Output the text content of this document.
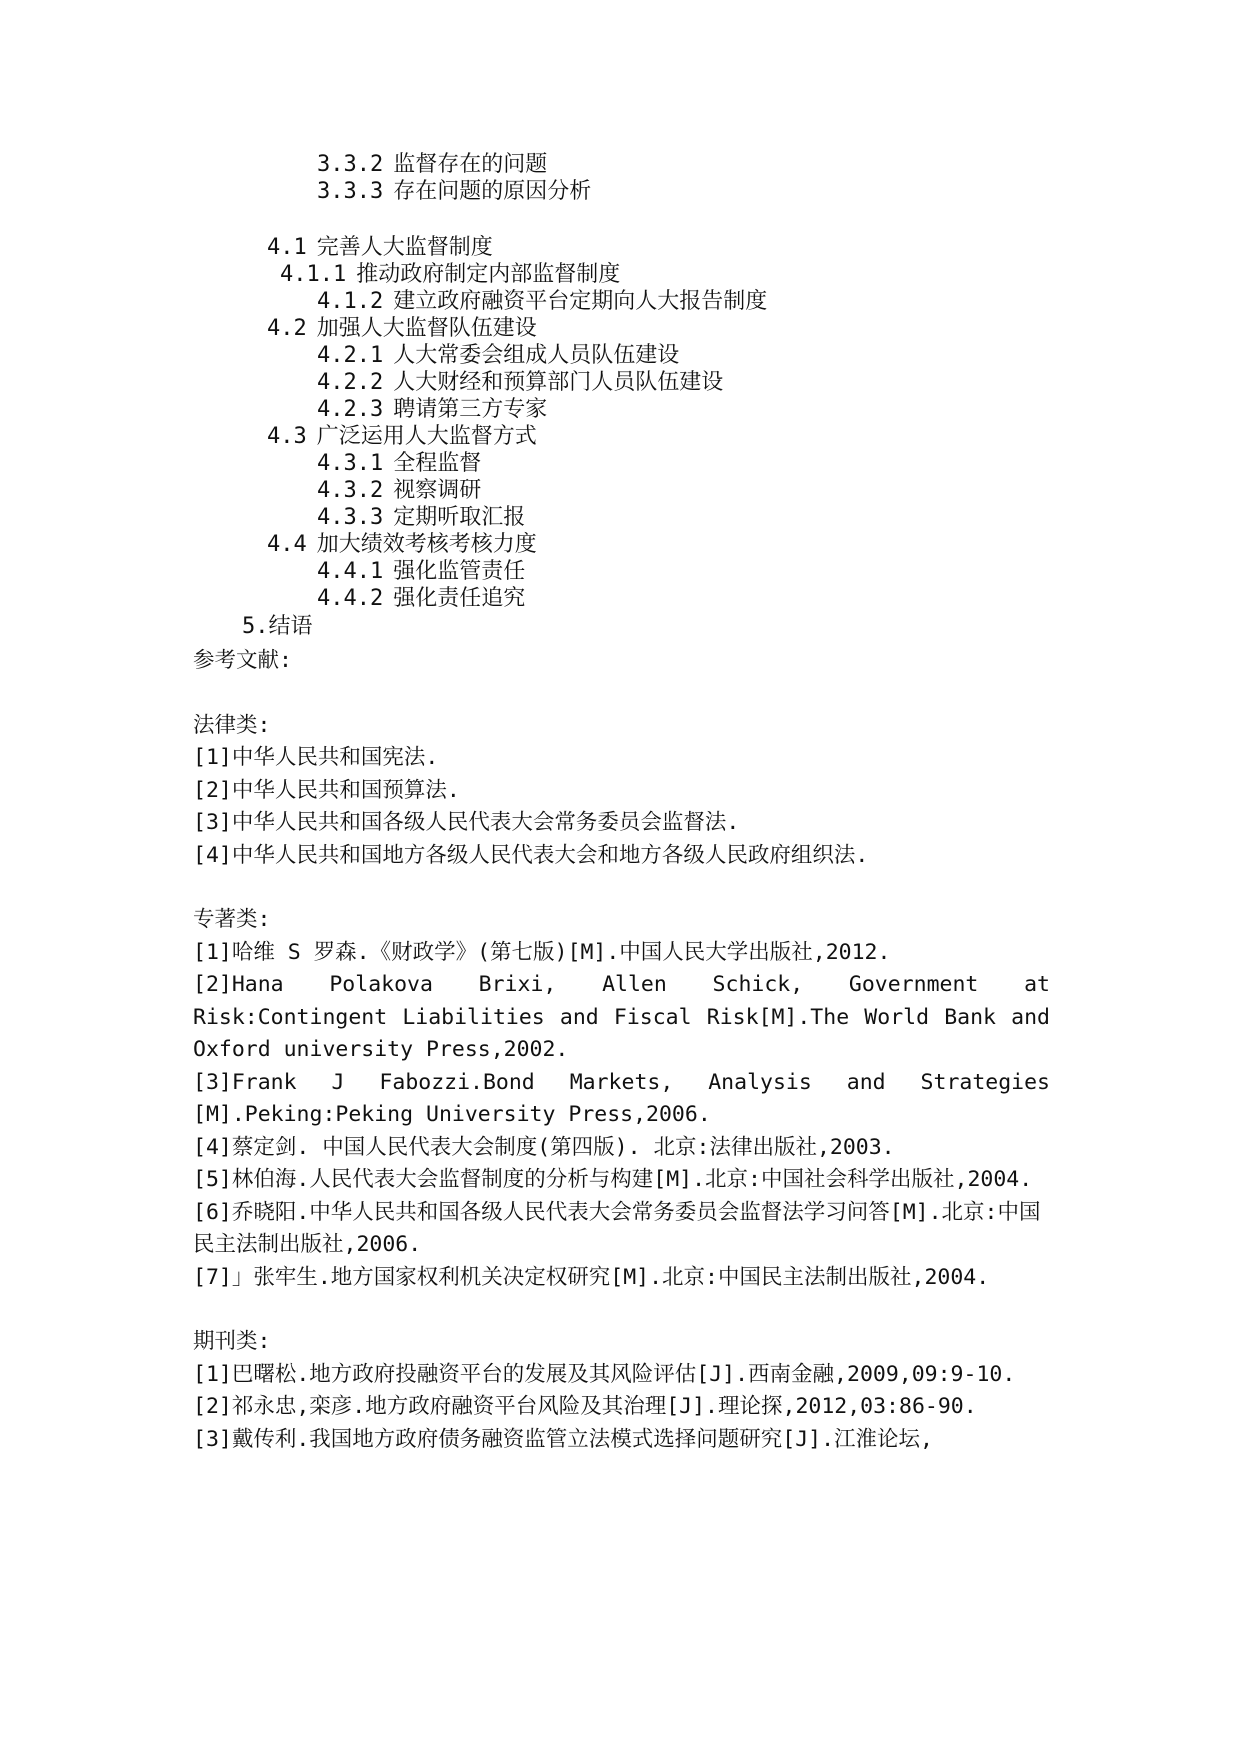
3.3.2 监督存在的问题
3.3.3 存在问题的原因分析
4.1 完善人大监督制度
4.1.1 推动政府制定内部监督制度
4.1.2 建立政府融资平台定期向人大报告制度
4.2 加强人大监督队伍建设
4.2.1 人大常委会组成人员队伍建设
4.2.2 人大财经和预算部门人员队伍建设
4.2.3 聘请第三方专家
4.3 广泛运用人大监督方式
4.3.1 全程监督
4.3.2 视察调研
4.3.3 定期听取汇报
4.4 加大绩效考核考核力度
4.4.1 强化监管责任
4.4.2 强化责任追究
5.结语
参考文献:
法律类:
[1]中华人民共和国宪法.
[2]中华人民共和国预算法.
[3]中华人民共和国各级人民代表大会常务委员会监督法.
[4]中华人民共和国地方各级人民代表大会和地方各级人民政府组织法.
专著类:
[1]哈维 S 罗森.《财政学》(第七版)[M].中国人民大学出版社,2012.
[2]Hana Polakova Brixi, Allen Schick, Government at Risk:Contingent Liabilities and Fiscal Risk[M].The World Bank and Oxford university Press,2002.
[3]Frank J Fabozzi.Bond Markets, Analysis and Strategies [M].Peking:Peking University Press,2006.
[4]蔡定剑. 中国人民代表大会制度(第四版). 北京:法律出版社,2003.
[5]林伯海.人民代表大会监督制度的分析与构建[M].北京:中国社会科学出版社,2004.
[6]乔晓阳.中华人民共和国各级人民代表大会常务委员会监督法学习问答[M].北京:中国民主法制出版社,2006.
[7]」张牢生.地方国家权利机关决定权研究[M].北京:中国民主法制出版社,2004.
期刊类:
[1]巴曙松.地方政府投融资平台的发展及其风险评估[J].西南金融,2009,09:9-10.
[2]祁永忠,栾彦.地方政府融资平台风险及其治理[J].理论探,2012,03:86-90.
[3]戴传利.我国地方政府债务融资监管立法模式选择问题研究[J].江淮论坛,
